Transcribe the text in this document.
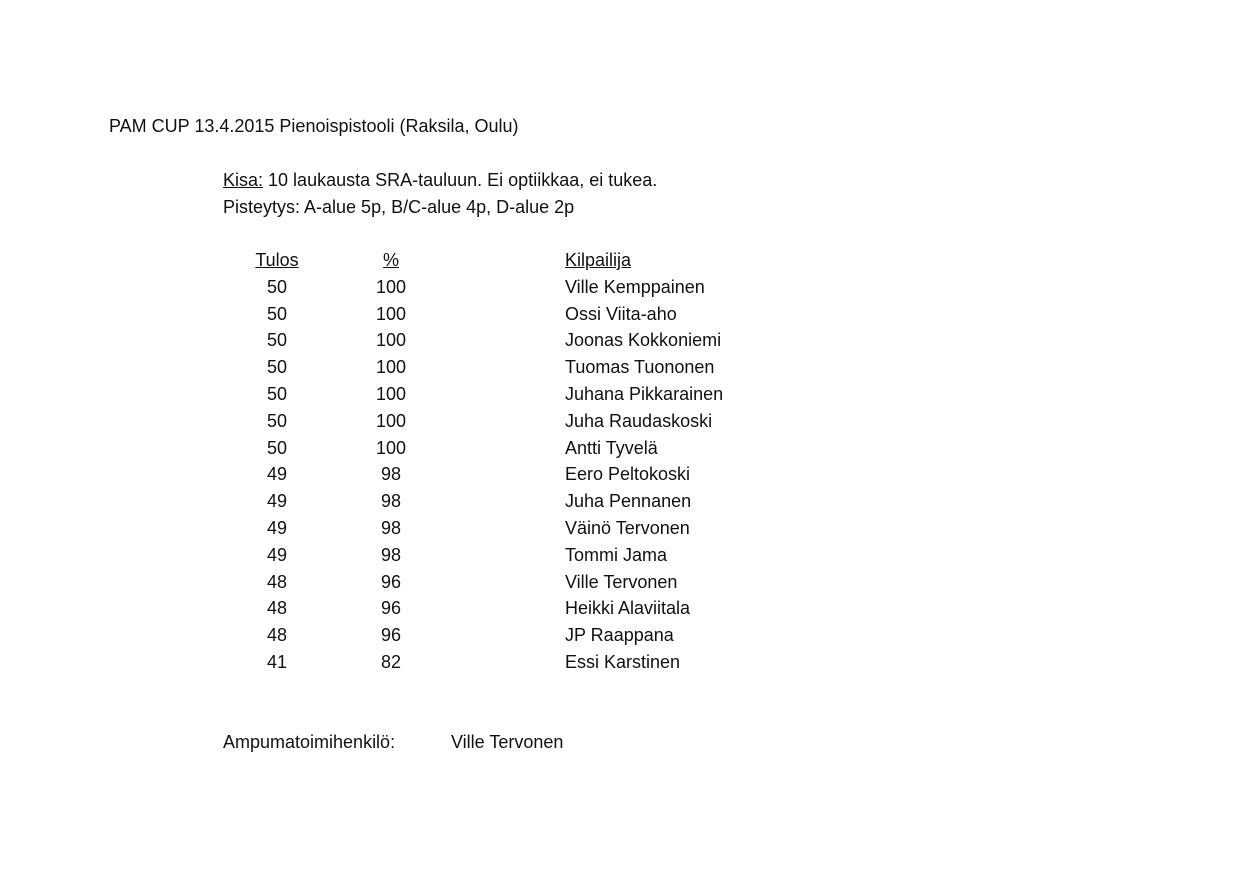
PAM CUP 13.4.2015 Pienoispistooli (Raksila, Oulu)
Kisa: 10 laukausta SRA-tauluun. Ei optiikkaa, ei tukea.
Pisteytys: A-alue 5p, B/C-alue 4p, D-alue 2p
Tulos	%	Kilpailija
50	100	Ville Kemppainen
50	100	Ossi Viita-aho
50	100	Joonas Kokkoniemi
50	100	Tuomas Tuononen
50	100	Juhana Pikkarainen
50	100	Juha Raudaskoski
50	100	Antti Tyvelä
49	98	Eero Peltokoski
49	98	Juha Pennanen
49	98	Väinö Tervonen
49	98	Tommi Jama
48	96	Ville Tervonen
48	96	Heikki Alaviitala
48	96	JP Raappana
41	82	Essi Karstinen
Ampumatoimihenkilö:	Ville Tervonen
